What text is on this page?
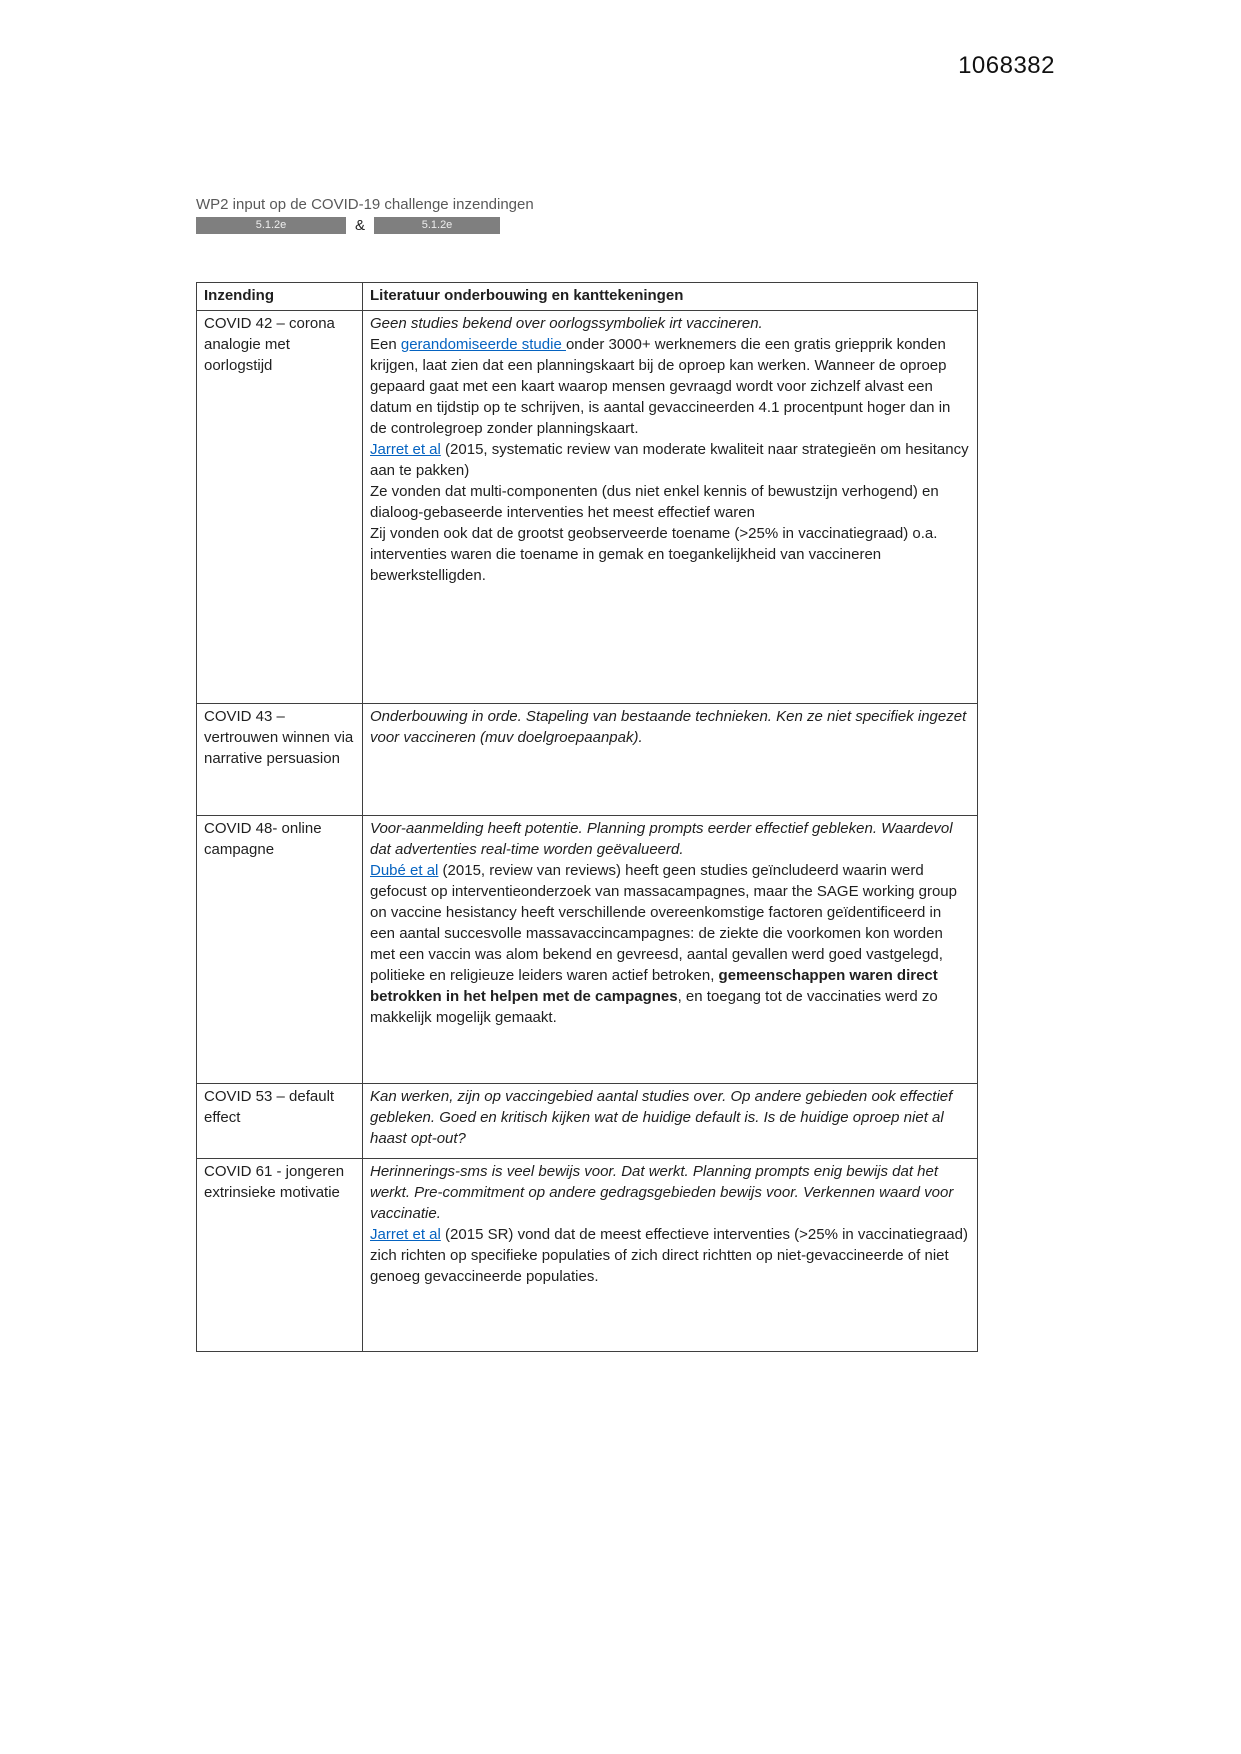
1068382
WP2 input op de COVID-19 challenge inzendingen
5.1.2e	&	5.1.2e
Inzending	Literatuur onderbouwing en kanttekeningen
COVID 42 – corona analogie met oorlogstijd	Geen studies bekend over oorlogssymboliek irt vaccineren.

Een gerandomiseerde studie onder 3000+ werknemers die een gratis griepprik konden krijgen, laat zien dat een planningskaart bij de oproep kan werken. Wanneer de oproep gepaard gaat met een kaart waarop mensen gevraagd wordt voor zichzelf alvast een datum en tijdstip op te schrijven, is aantal gevaccineerden 4.1 procentpunt hoger dan in de controlegroep zonder planningskaart.

Jarret et al (2015, systematic review van moderate kwaliteit naar strategieën om hesitancy aan te pakken)

Ze vonden dat multi-componenten (dus niet enkel kennis of bewustzijn verhogend) en dialoog-gebaseerde interventies het meest effectief waren

Zij vonden ook dat de grootst geobserveerde toename (>25% in vaccinatiegraad) o.a. interventies waren die toename in gemak en toegankelijkheid van vaccineren bewerkstelligden.

COVID 43 – vertrouwen winnen via narrative persuasion	Onderbouwing in orde. Stapeling van bestaande technieken. Ken ze niet specifiek ingezet voor vaccineren (muv doelgroepaanpak).

COVID 48- online campagne	Voor-aanmelding heeft potentie. Planning prompts eerder effectief gebleken. Waardevol dat advertenties real-time worden geëvalueerd.

Dubé et al (2015, review van reviews) heeft geen studies geïncludeerd waarin werd gefocust op interventieonderzoek van massacampagnes, maar the SAGE working group on vaccine hesistancy heeft verschillende overeenkomstige factoren geïdentificeerd in een aantal succesvolle massavaccincampagnes: de ziekte die voorkomen kon worden met een vaccin was alom bekend en gevreesd, aantal gevallen werd goed vastgelegd, politieke en religieuze leiders waren actief betroken, gemeenschappen waren direct betrokken in het helpen met de campagnes, en toegang tot de vaccinaties werd zo makkelijk mogelijk gemaakt.

COVID 53 – default effect	Kan werken, zijn op vaccingebied aantal studies over. Op andere gebieden ook effectief gebleken. Goed en kritisch kijken wat de huidige default is. Is de huidige oproep niet al haast opt-out?

COVID 61 - jongeren extrinsieke motivatie	Herinnerings-sms is veel bewijs voor. Dat werkt. Planning prompts enig bewijs dat het werkt. Pre-commitment op andere gedragsgebieden bewijs voor. Verkennen waard voor vaccinatie.

Jarret et al (2015 SR) vond dat de meest effectieve interventies (>25% in vaccinatiegraad) zich richten op specifieke populaties of zich direct richtten op niet-gevaccineerde of niet genoeg gevaccineerde populaties.
